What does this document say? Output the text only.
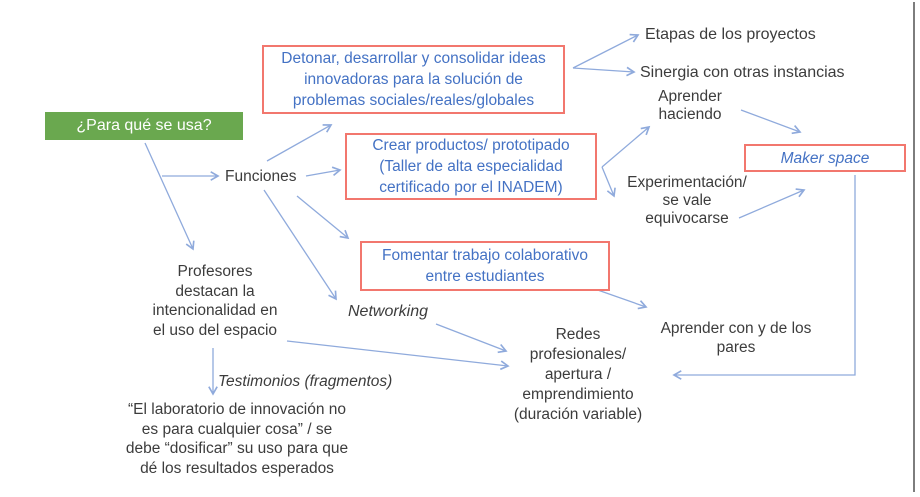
¿Para qué se usa?
Funciones
Detonar, desarrollar y consolidar ideas
innovadoras para la solución de
problemas sociales/reales/globales
Crear productos/ prototipado
(Taller de alta especialidad
certificado por el INADEM)
Fomentar trabajo colaborativo
entre estudiantes
Maker space
Etapas de los proyectos
Sinergia con otras instancias
Aprender
haciendo
Experimentación/
se vale
equivocarse
Networking
Profesores
destacan la
intencionalidad en
el uso del espacio
Testimonios (fragmentos)
“El laboratorio de innovación no
es para cualquier cosa” / se
debe “dosificar” su uso para que
dé los resultados esperados
Redes
profesionales/
apertura /
emprendimiento
(duración variable)
Aprender con y de los
pares
